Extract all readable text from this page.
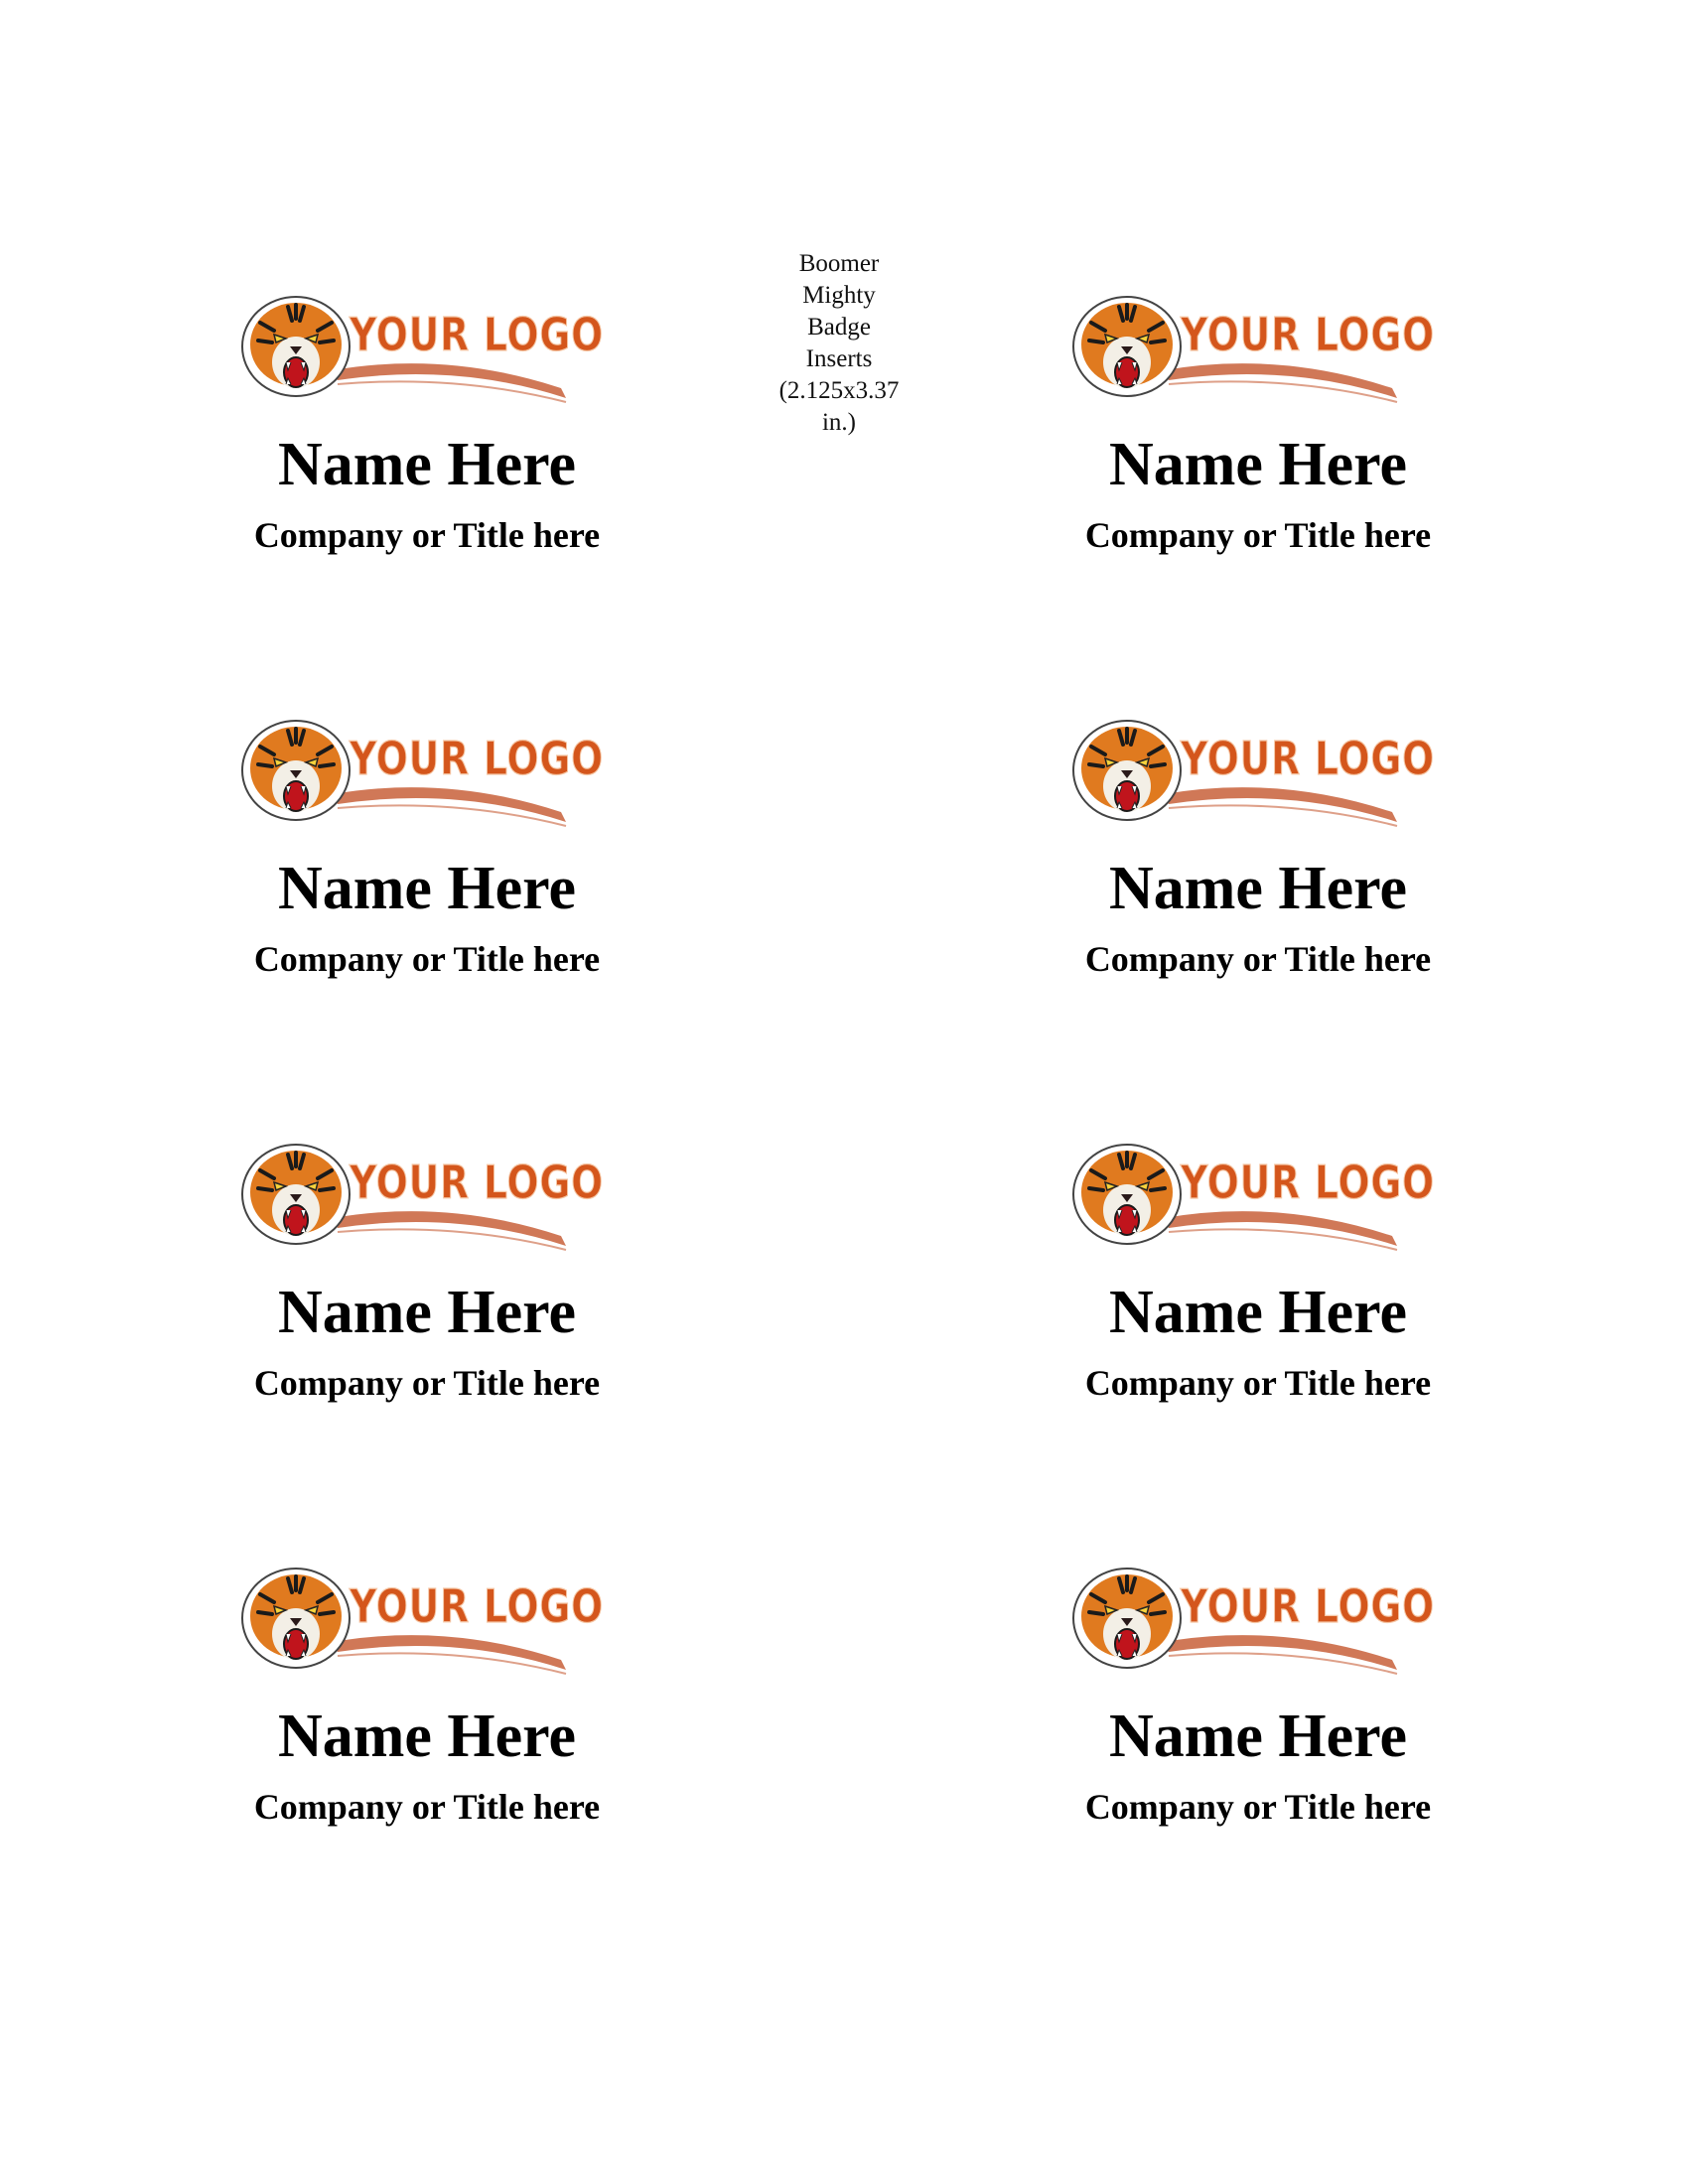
Boomer
Mighty
Badge
Inserts
(2.125x3.37
in.)
YOUR LOGO
Name Here
Company or Title here
YOUR LOGO
Name Here
Company or Title here
YOUR LOGO
Name Here
Company or Title here
YOUR LOGO
Name Here
Company or Title here
YOUR LOGO
Name Here
Company or Title here
YOUR LOGO
Name Here
Company or Title here
YOUR LOGO
Name Here
Company or Title here
YOUR LOGO
Name Here
Company or Title here
